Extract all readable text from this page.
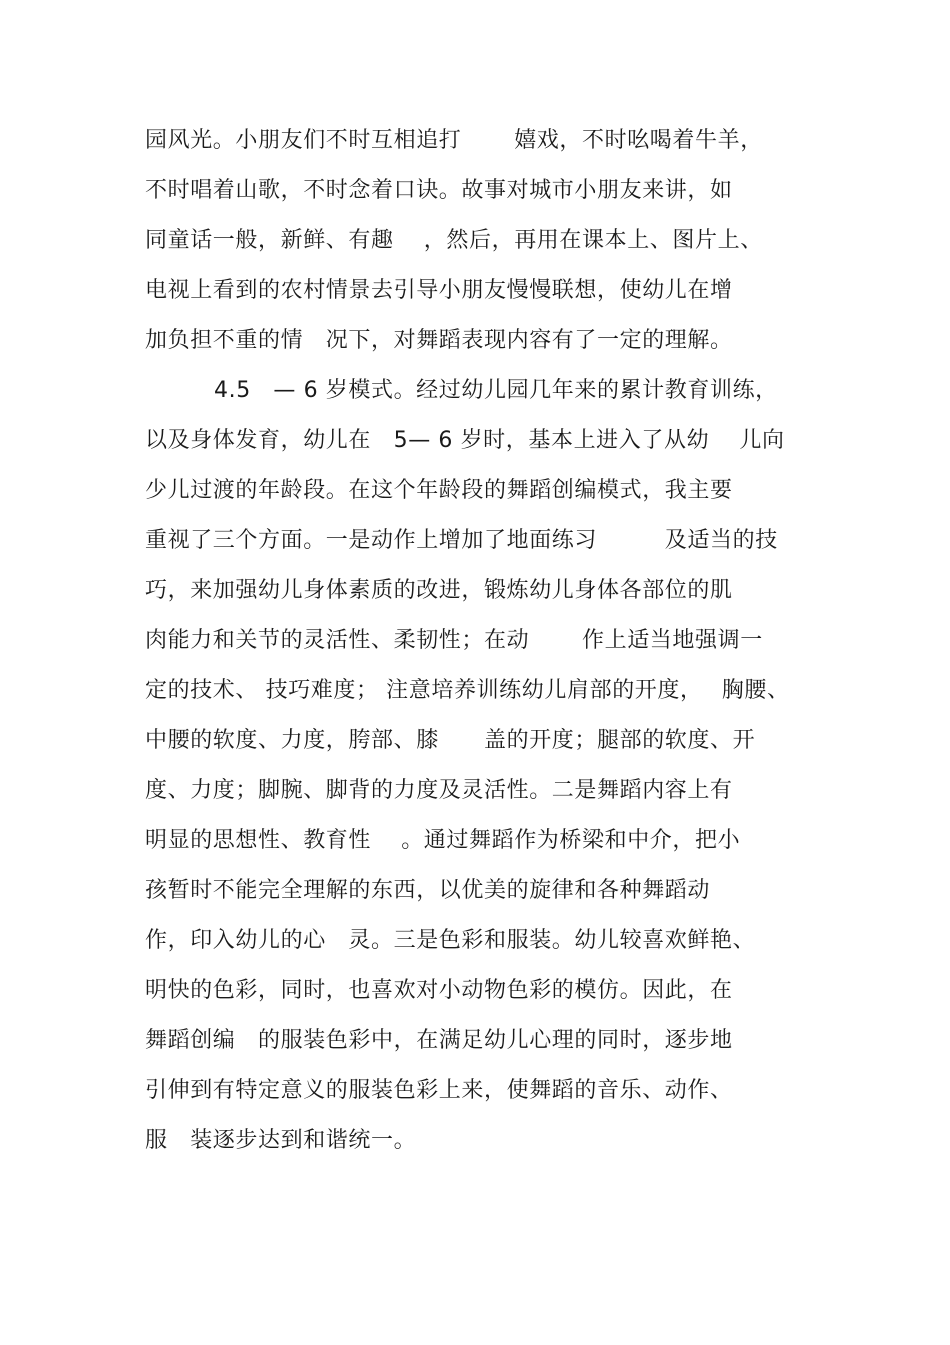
园风光。小朋友们不时互相追打　　 嬉戏，不时吆喝着牛羊，
不时唱着山歌，不时念着口诀。故事对城市小朋友来讲，如
同童话一般，新鲜、有趣　 ，然后，再用在课本上、图片上、
电视上看到的农村情景去引导小朋友慢慢联想，使幼儿在增
加负担不重的情　况下，对舞蹈表现内容有了一定的理解。
4.5　— 6 岁模式。经过幼儿园几年来的累计教育训练，
以及身体发育，幼儿在　5— 6 岁时，基本上进入了从幼　 儿向
少儿过渡的年龄段。在这个年龄段的舞蹈创编模式，我主要
重视了三个方面。一是动作上增加了地面练习　　　及适当的技
巧，来加强幼儿身体素质的改进，锻炼幼儿身体各部位的肌
肉能力和关节的灵活性、柔韧性；在动　　 作上适当地强调一
定的技术、 技巧难度； 注意培养训练幼儿肩部的开度，　 胸腰、
中腰的软度、力度，胯部、膝　　盖的开度；腿部的软度、开
度、力度；脚腕、脚背的力度及灵活性。二是舞蹈内容上有
明显的思想性、教育性　 。通过舞蹈作为桥梁和中介，把小
孩暂时不能完全理解的东西，以优美的旋律和各种舞蹈动
作，印入幼儿的心　灵。三是色彩和服装。幼儿较喜欢鲜艳、
明快的色彩，同时，也喜欢对小动物色彩的模仿。因此，在
舞蹈创编　的服装色彩中，在满足幼儿心理的同时，逐步地
引伸到有特定意义的服装色彩上来，使舞蹈的音乐、动作、
服　装逐步达到和谐统一。
